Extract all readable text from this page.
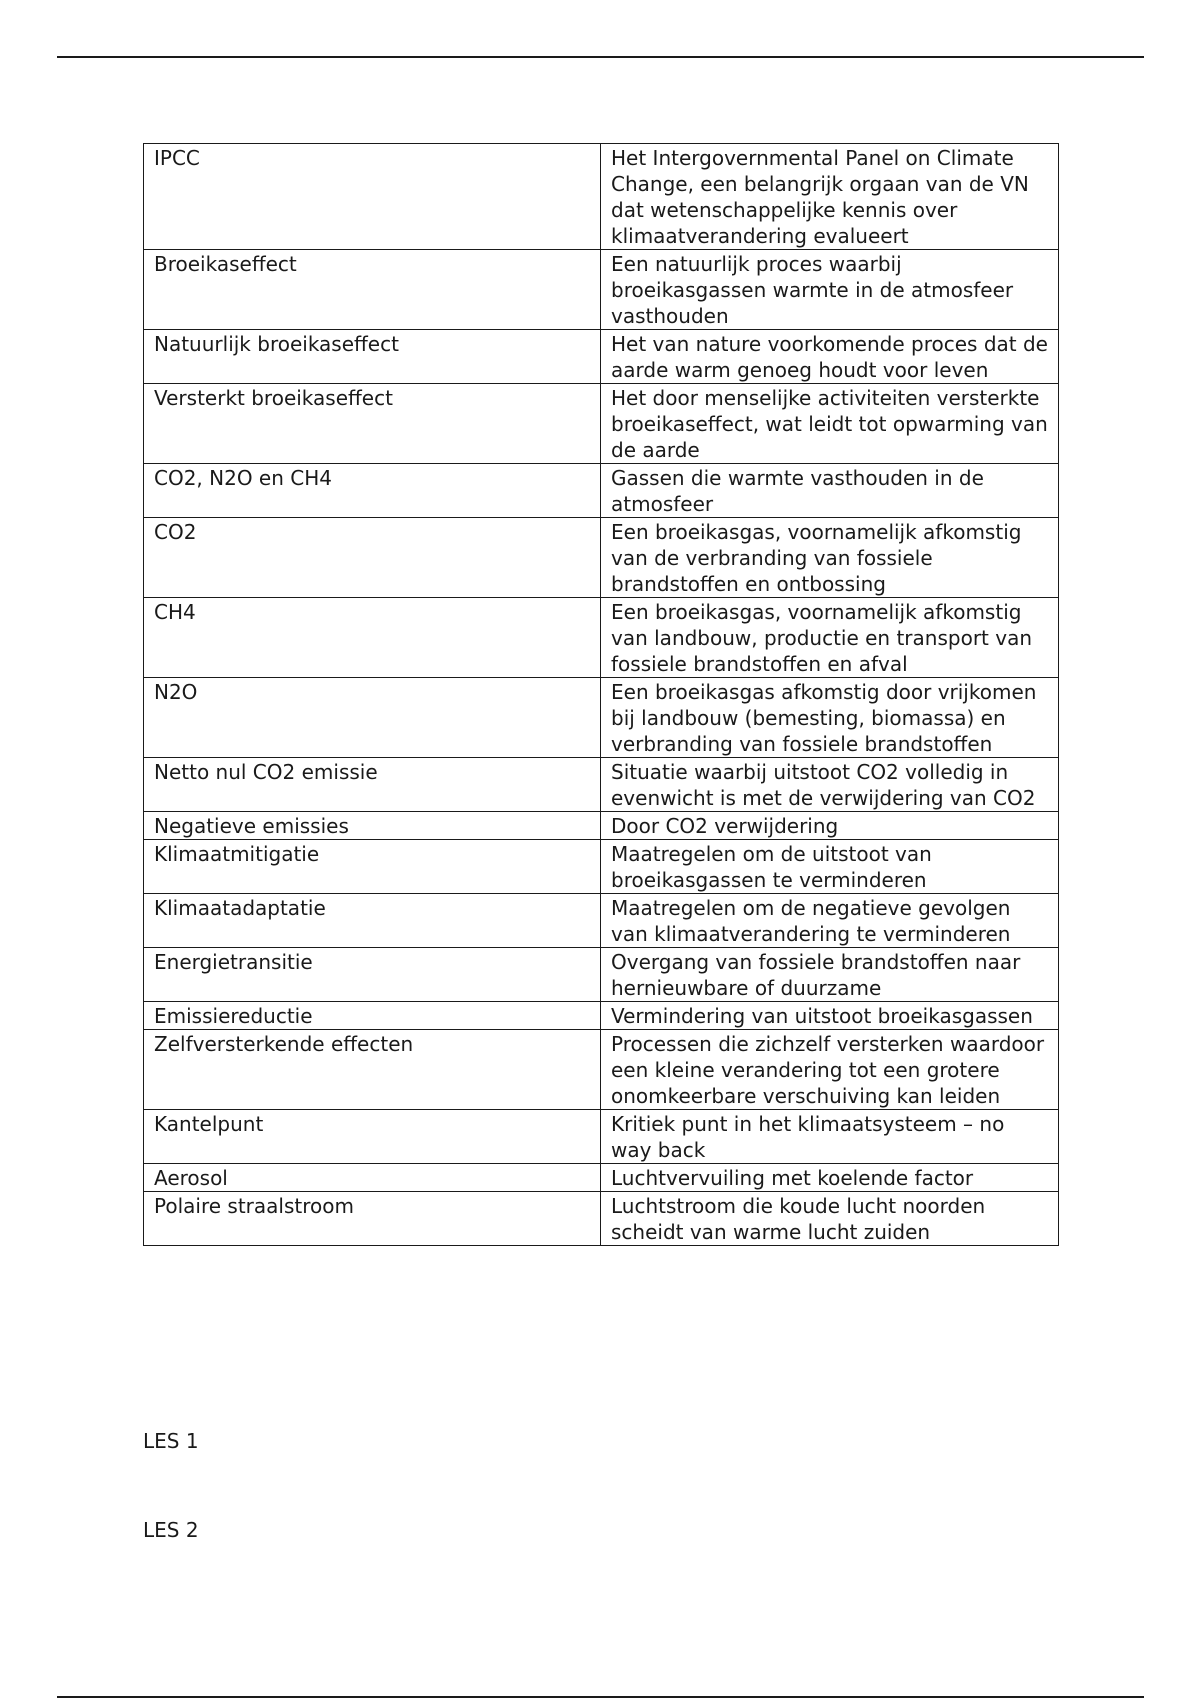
IPCC	Het Intergovernmental Panel on Climate Change, een belangrijk orgaan van de VN dat wetenschappelijke kennis over klimaatverandering evalueert
Broeikaseffect	Een natuurlijk proces waarbij broeikasgassen warmte in de atmosfeer vasthouden
Natuurlijk broeikaseffect	Het van nature voorkomende proces dat de aarde warm genoeg houdt voor leven
Versterkt broeikaseffect	Het door menselijke activiteiten versterkte broeikaseffect, wat leidt tot opwarming van de aarde
CO2, N2O en CH4	Gassen die warmte vasthouden in de atmosfeer
CO2	Een broeikasgas, voornamelijk afkomstig van de verbranding van fossiele brandstoffen en ontbossing
CH4	Een broeikasgas, voornamelijk afkomstig van landbouw, productie en transport van fossiele brandstoffen en afval
N2O	Een broeikasgas afkomstig door vrijkomen bij landbouw (bemesting, biomassa) en verbranding van fossiele brandstoffen
Netto nul CO2 emissie	Situatie waarbij uitstoot CO2 volledig in evenwicht is met de verwijdering van CO2
Negatieve emissies	Door CO2 verwijdering
Klimaatmitigatie	Maatregelen om de uitstoot van broeikasgassen te verminderen
Klimaatadaptatie	Maatregelen om de negatieve gevolgen van klimaatverandering te verminderen
Energietransitie	Overgang van fossiele brandstoffen naar hernieuwbare of duurzame
Emissiereductie	Vermindering van uitstoot broeikasgassen
Zelfversterkende effecten	Processen die zichzelf versterken waardoor een kleine verandering tot een grotere onomkeerbare verschuiving kan leiden
Kantelpunt	Kritiek punt in het klimaatsysteem – no way back
Aerosol	Luchtvervuiling met koelende factor
Polaire straalstroom	Luchtstroom die koude lucht noorden scheidt van warme lucht zuiden

LES 1

LES 2
